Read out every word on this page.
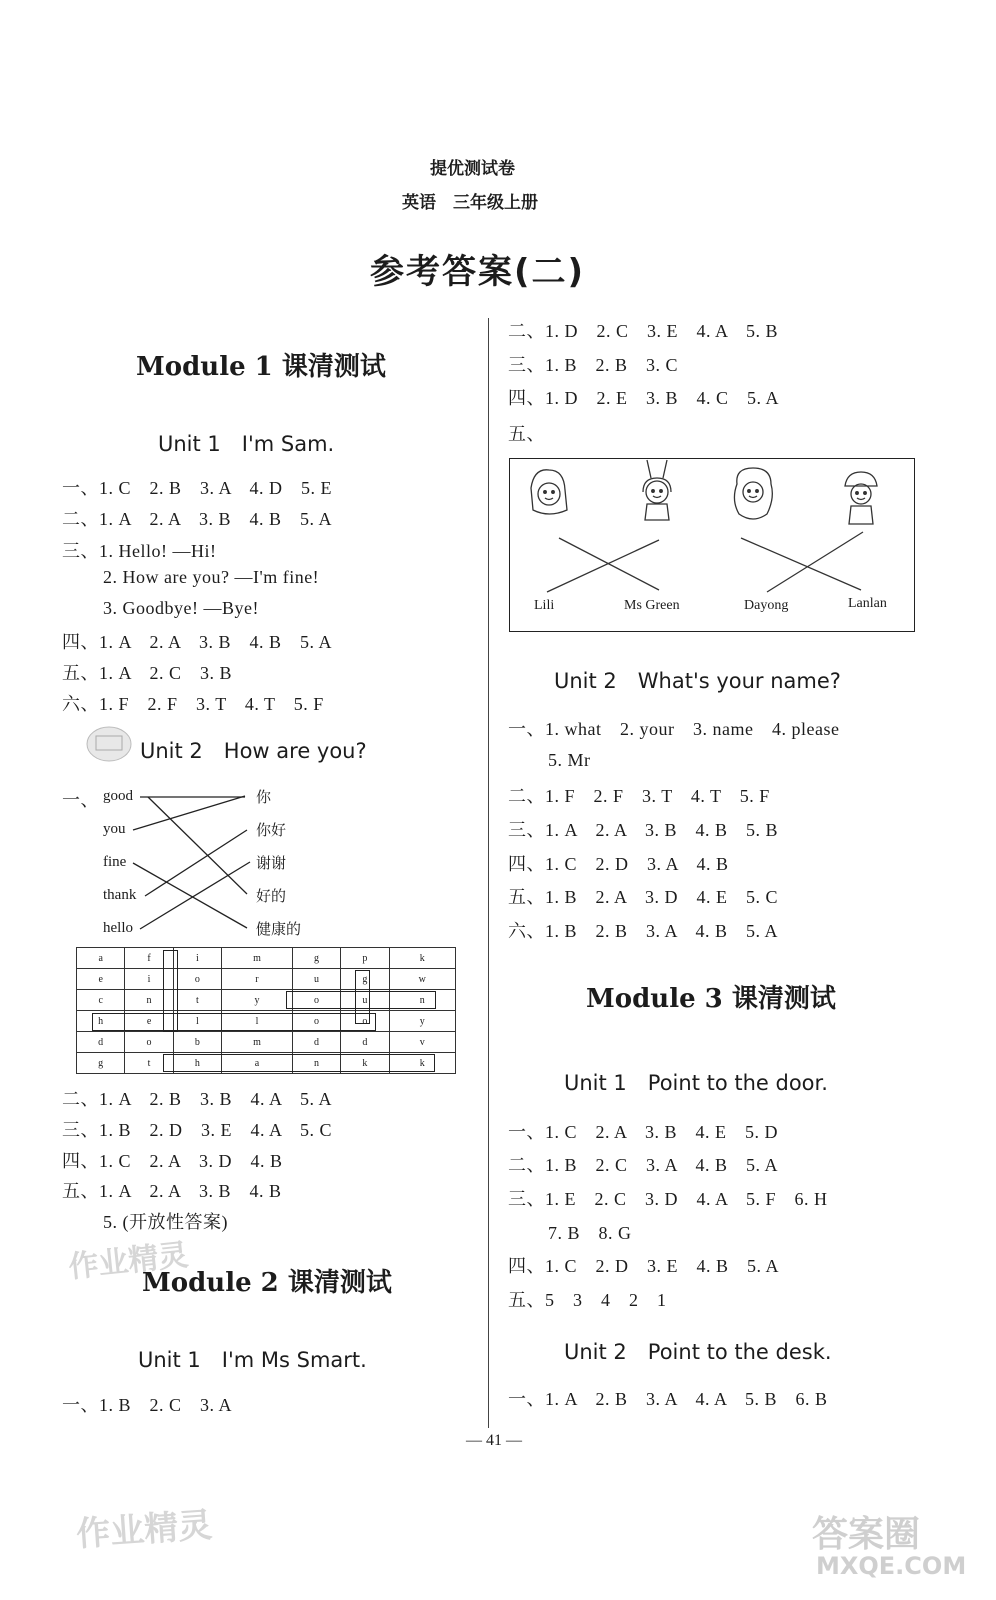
提优测试卷
英语　三年级上册
参考答案(二)
Module 1 课清测试
Unit 1　I'm Sam.
一、1. C　2. B　3. A　4. D　5. E
二、1. A　2. A　3. B　4. B　5. A
三、1. Hello! —Hi!
2. How are you? —I'm fine!
3. Goodbye! —Bye!
四、1. A　2. A　3. B　4. B　5. A
五、1. A　2. C　3. B
六、1. F　2. F　3. T　4. T　5. F
Unit 2　How are you?
一、 good
you
fine
thank
hello
你
你好
谢谢
好的
健康的
a	f	i	m	g	p	k
e	i	o	r	u	g	w
c	n	t	y	o	u	n
h	e	l	l	o	o	y
d	o	b	m	d	d	v
g	t	h	a	n	k	k
二、1. A　2. B　3. B　4. A　5. A
三、1. B　2. D　3. E　4. A　5. C
四、1. C　2. A　3. D　4. B
五、1. A　2. A　3. B　4. B
5. (开放性答案)
作业精灵
Module 2 课清测试
Unit 1　I'm Ms Smart.
一、1. B　2. C　3. A
二、1. D　2. C　3. E　4. A　5. B
三、1. B　2. B　3. C
四、1. D　2. E　3. B　4. C　5. A
五、
Lili	Ms Green	Dayong	Lanlan
Unit 2　What's your name?
一、1. what　2. your　3. name　4. please
5. Mr
二、1. F　2. F　3. T　4. T　5. F
三、1. A　2. A　3. B　4. B　5. B
四、1. C　2. D　3. A　4. B
五、1. B　2. A　3. D　4. E　5. C
六、1. B　2. B　3. A　4. B　5. A
Module 3 课清测试
Unit 1　Point to the door.
一、1. C　2. A　3. B　4. E　5. D
二、1. B　2. C　3. A　4. B　5. A
三、1. E　2. C　3. D　4. A　5. F　6. H
7. B　8. G
四、1. C　2. D　3. E　4. B　5. A
五、5　3　4　2　1
Unit 2　Point to the desk.
一、1. A　2. B　3. A　4. A　5. B　6. B
— 41 —
作业精灵	答案圈
MXQE.COM
